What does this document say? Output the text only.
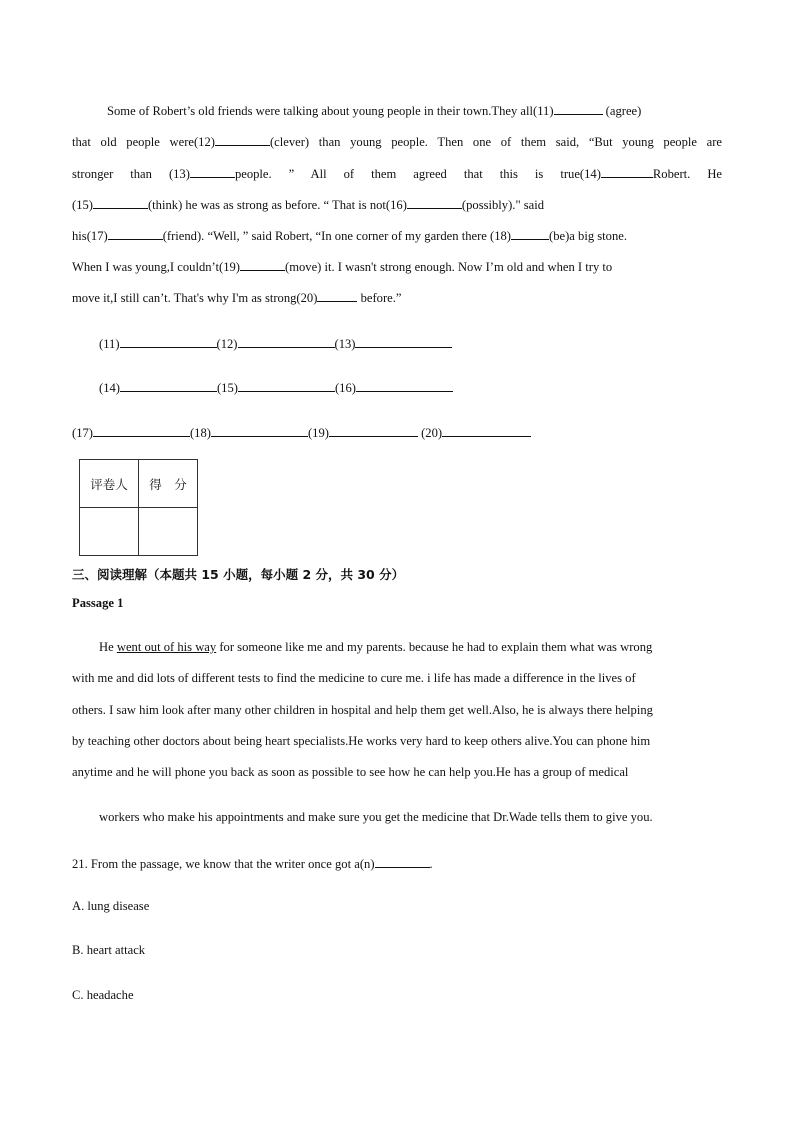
Some of Robert’s old friends were talking about young people in their town.They all(11)	(agree)
that old people were(12)	(clever) than young people. Then one of them said, “But young people are
stronger than (13)	people. ” All of them agreed that this is true(14)	Robert. He
(15)	(think) he was as strong as before. “ That is not(16)	(possibly)." said
his(17)	(friend). “Well, ” said Robert, “In one corner of my garden there (18)	(be)a big stone.
When I was young,I couldn’t(19)	(move) it. I wasn't strong enough. Now I’m old and when I try to
move it,I still can’t. That's why I'm as strong(20)	before.”
(11)	(12)	(13)
(14)	(15)	(16)
(17)	(18)	(19)	(20)
评卷人	得　分

三、阅读理解（本题共 15 小题，每小题 2 分，共 30 分）
Passage 1
He went out of his way for someone like me and my parents. because he had to explain them what was wrong
with me and did lots of different tests to find the medicine to cure me. i life has made a difference in the lives of
others. I saw him look after many other children in hospital and help them get well.Also, he is always there helping
by teaching other doctors about being heart specialists.He works very hard to keep others alive.You can phone him
anytime and he will phone you back as soon as possible to see how he can help you.He has a group of medical
workers who make his appointments and make sure you get the medicine that Dr.Wade tells them to give you.
21. From the passage, we know that the writer once got a(n)	.
A. lung disease
B. heart attack
C. headache
